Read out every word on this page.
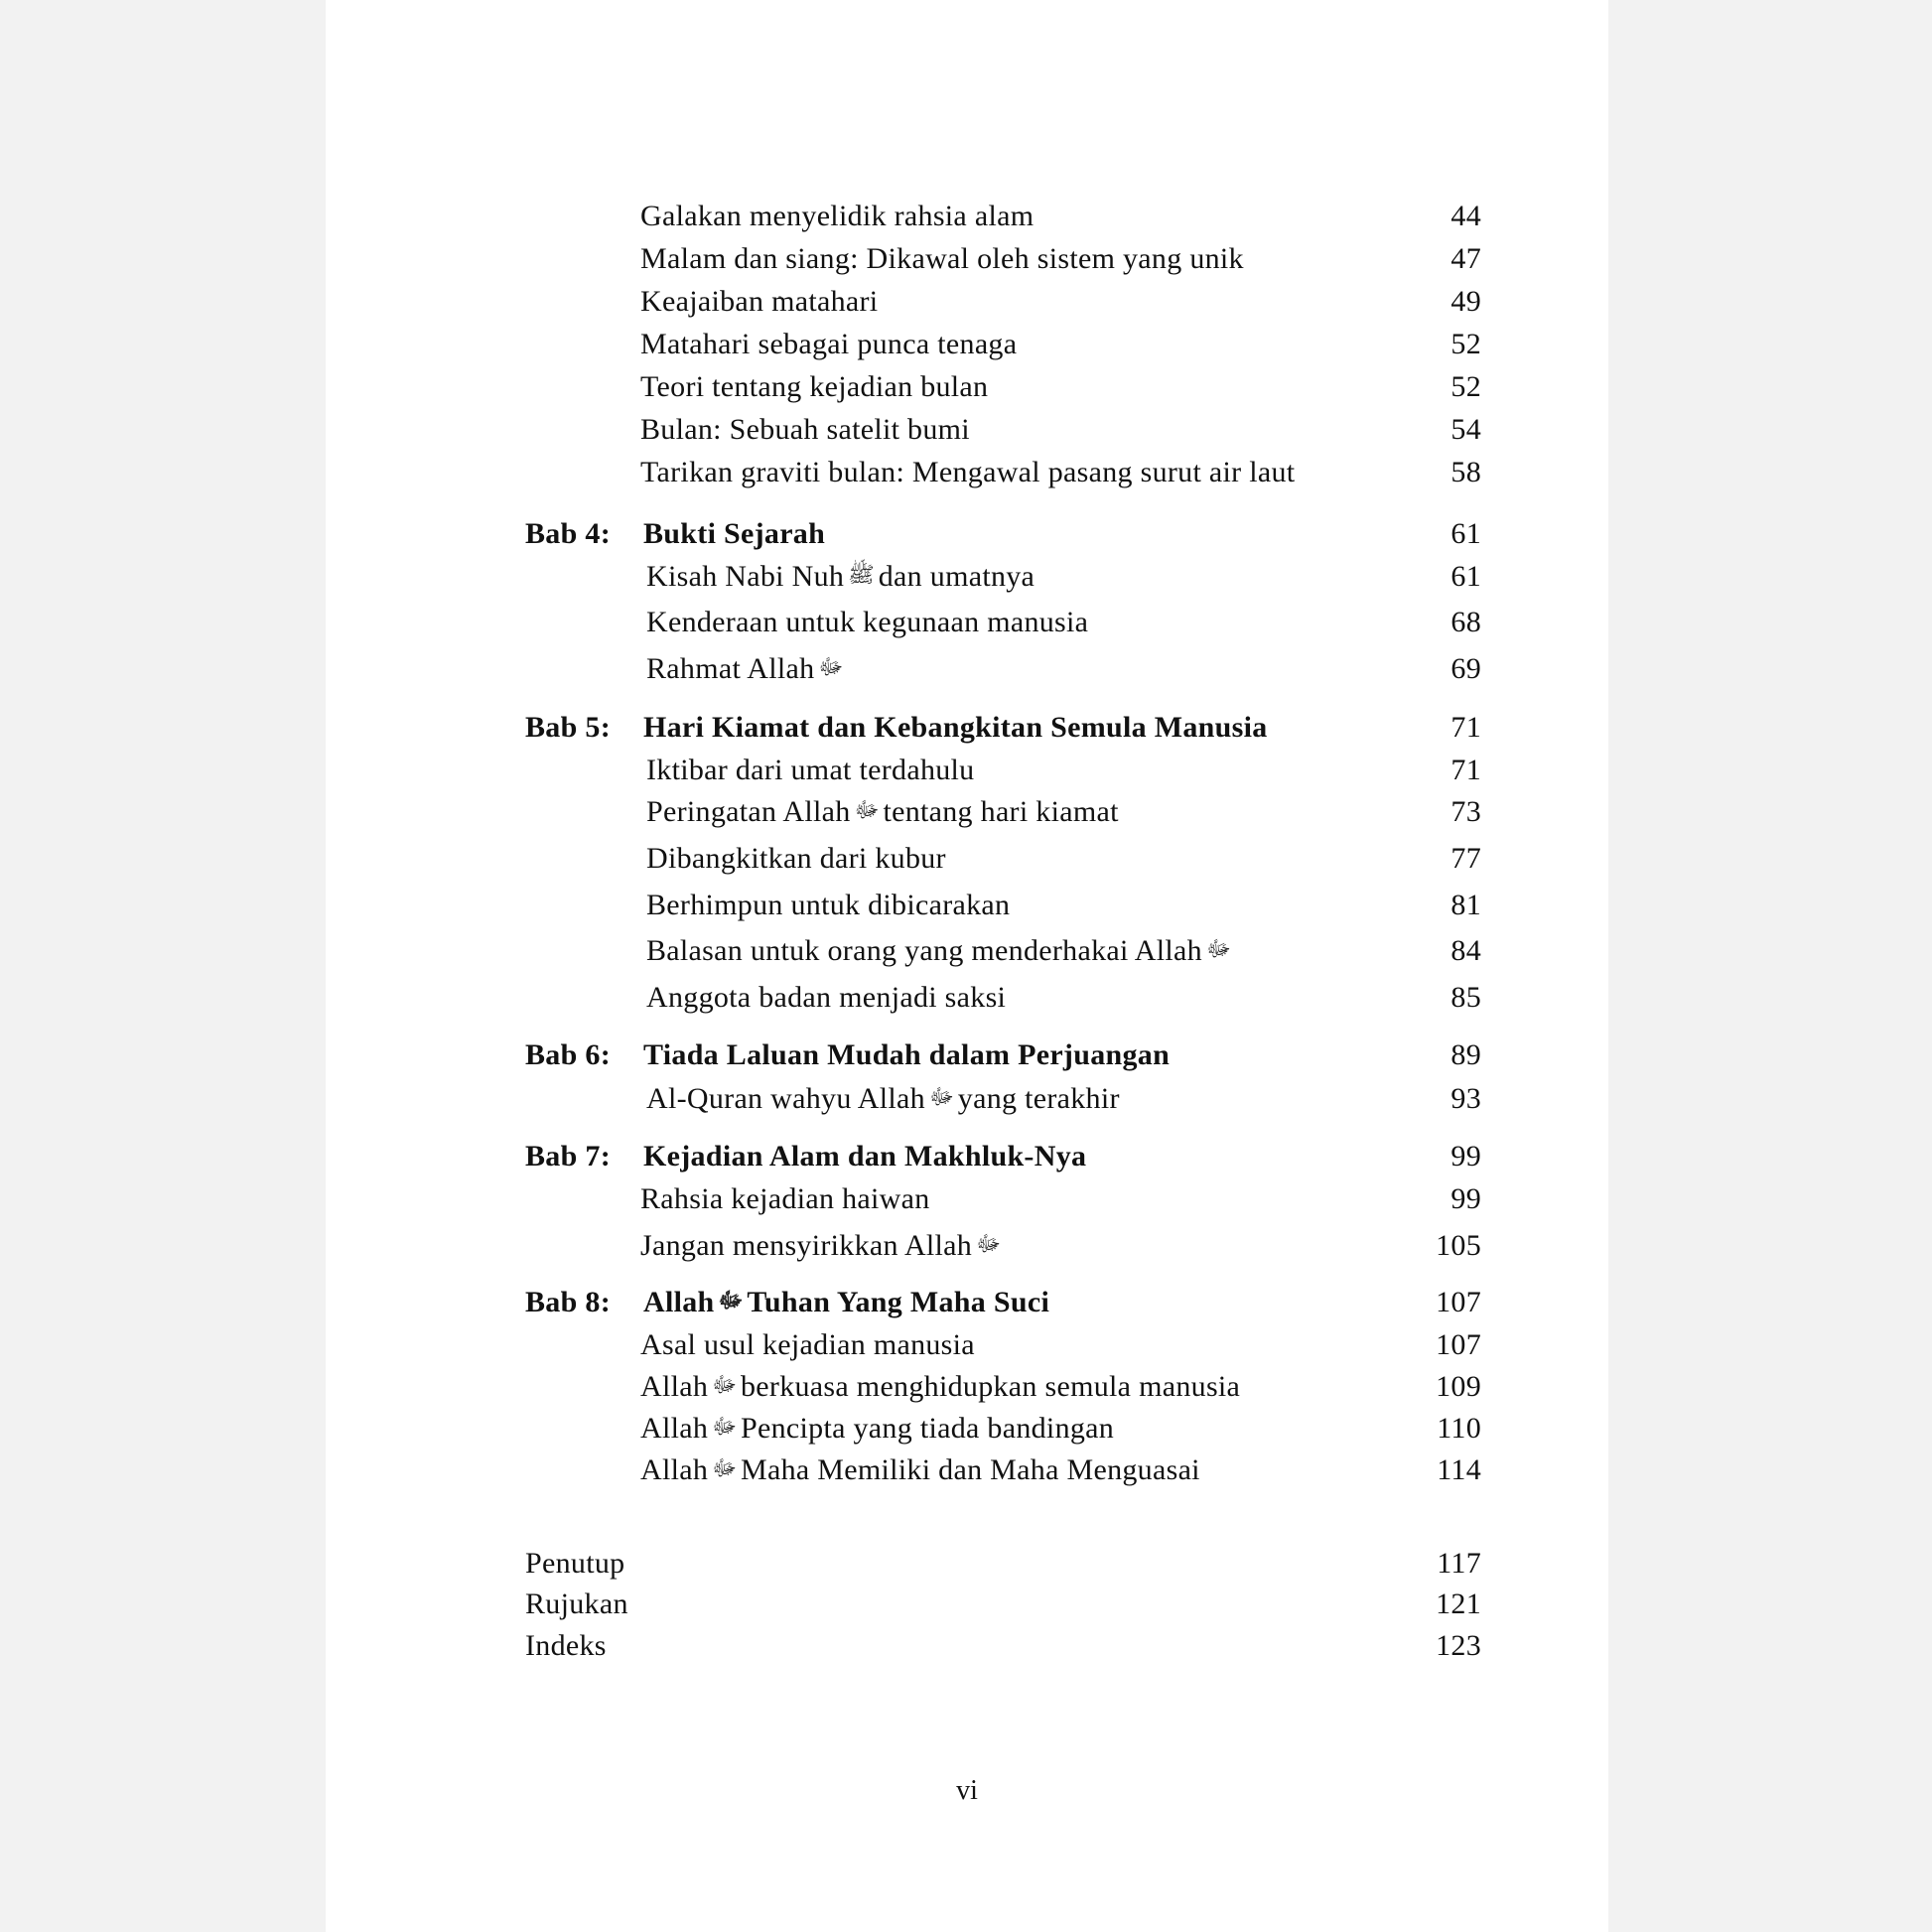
Galakan menyelidik rahsia alam	44
Malam dan siang: Dikawal oleh sistem yang unik	47
Keajaiban matahari	49
Matahari sebagai punca tenaga	52
Teori tentang kejadian bulan	52
Bulan: Sebuah satelit bumi	54
Tarikan graviti bulan: Mengawal pasang surut air laut	58
Bab 4: Bukti Sejarah	61
Kisah Nabi Nuh ﷺ dan umatnya	61
Kenderaan untuk kegunaan manusia	68
Rahmat Allah ﷻ	69
Bab 5: Hari Kiamat dan Kebangkitan Semula Manusia	71
Iktibar dari umat terdahulu	71
Peringatan Allah ﷻ tentang hari kiamat	73
Dibangkitkan dari kubur	77
Berhimpun untuk dibicarakan	81
Balasan untuk orang yang menderhakai Allah ﷻ	84
Anggota badan menjadi saksi	85
Bab 6: Tiada Laluan Mudah dalam Perjuangan	89
Al-Quran wahyu Allah ﷻ yang terakhir	93
Bab 7: Kejadian Alam dan Makhluk-Nya	99
Rahsia kejadian haiwan	99
Jangan mensyirikkan Allah ﷻ	105
Bab 8: Allah ﷻ Tuhan Yang Maha Suci	107
Asal usul kejadian manusia	107
Allah ﷻ berkuasa menghidupkan semula manusia	109
Allah ﷻ Pencipta yang tiada bandingan	110
Allah ﷻ Maha Memiliki dan Maha Menguasai	114
Penutup	117
Rujukan	121
Indeks	123
vi
